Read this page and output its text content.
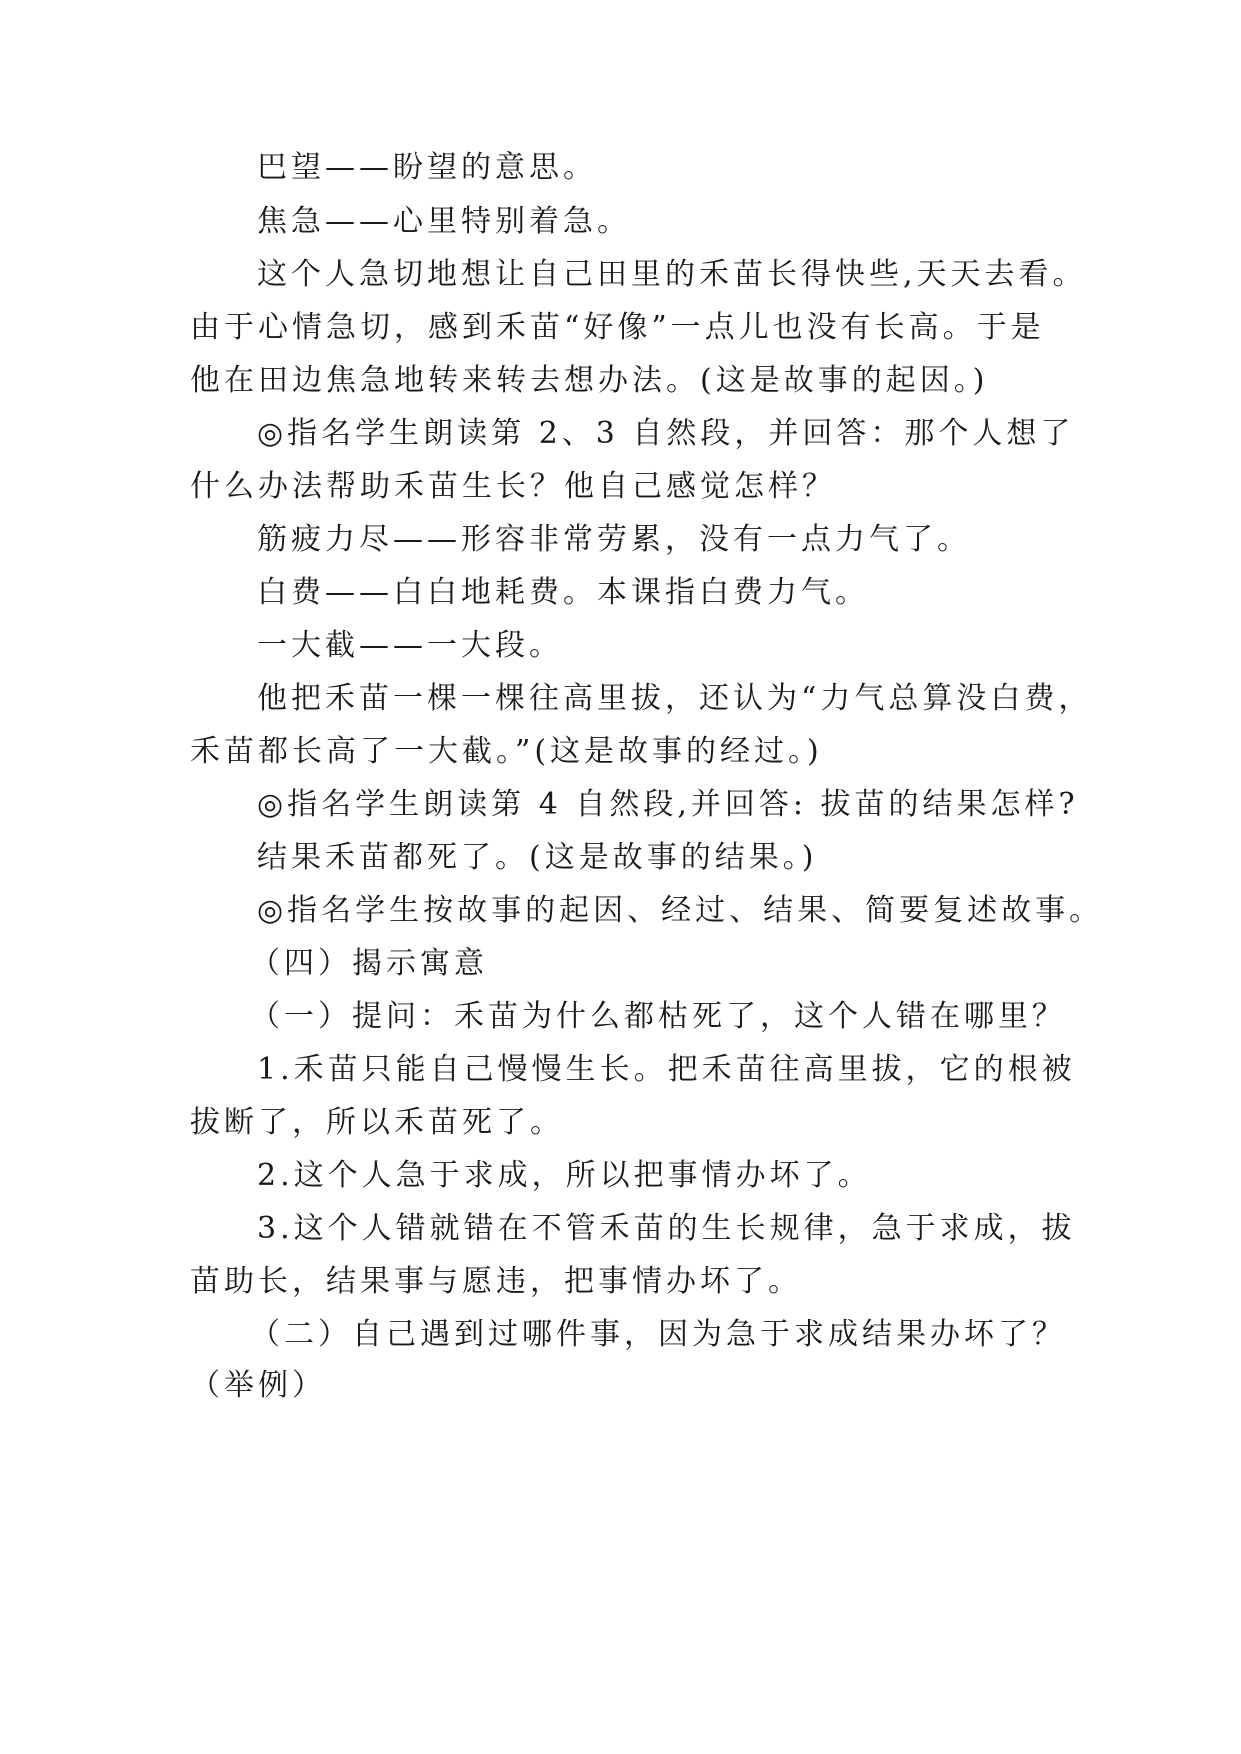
巴望——盼望的意思。
焦急——心里特别着急。
这个人急切地想让自己田里的禾苗长得快些,天天去看。
由于心情急切，感到禾苗“好像”一点儿也没有长高。于是
他在田边焦急地转来转去想办法。(这是故事的起因。)
◎指名学生朗读第 2、3 自然段，并回答：那个人想了
什么办法帮助禾苗生长？他自己感觉怎样？
筋疲力尽——形容非常劳累，没有一点力气了。
白费——白白地耗费。本课指白费力气。
一大截——一大段。
他把禾苗一棵一棵往高里拔，还认为“力气总算没白费，
禾苗都长高了一大截。”(这是故事的经过。)
◎指名学生朗读第 4 自然段,并回答: 拔苗的结果怎样?
结果禾苗都死了。(这是故事的结果。)
◎指名学生按故事的起因、经过、结果、简要复述故事。
（四）揭示寓意
（一）提问：禾苗为什么都枯死了，这个人错在哪里？
1.禾苗只能自己慢慢生长。把禾苗往高里拔，它的根被
拔断了，所以禾苗死了。
2.这个人急于求成，所以把事情办坏了。
3.这个人错就错在不管禾苗的生长规律，急于求成，拔
苗助长，结果事与愿违，把事情办坏了。
（二）自己遇到过哪件事，因为急于求成结果办坏了？
（举例）
